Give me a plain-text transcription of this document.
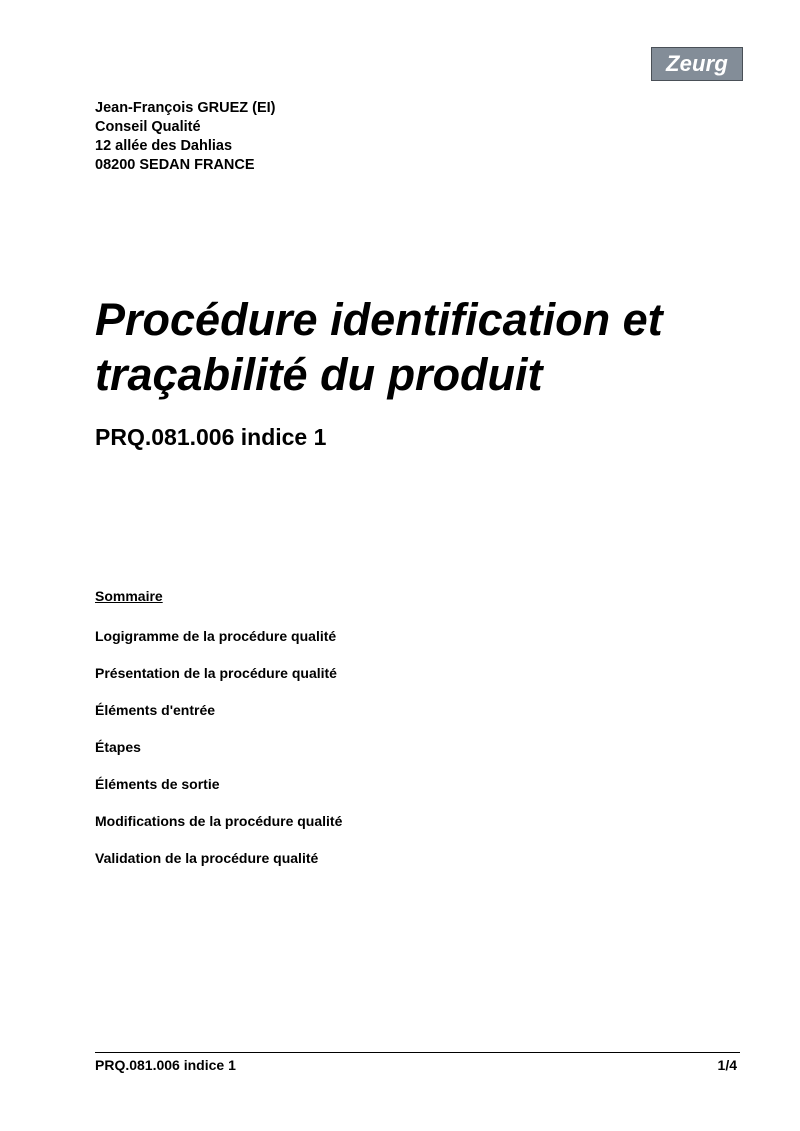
Zeurg
Jean-François GRUEZ (EI)
Conseil Qualité
12 allée des Dahlias
08200 SEDAN FRANCE
Procédure identification et traçabilité du produit
PRQ.081.006 indice 1
Sommaire
Logigramme de la procédure qualité
Présentation de la procédure qualité
Éléments d'entrée
Étapes
Éléments de sortie
Modifications de la procédure qualité
Validation de la procédure qualité
PRQ.081.006 indice 1	1/4
